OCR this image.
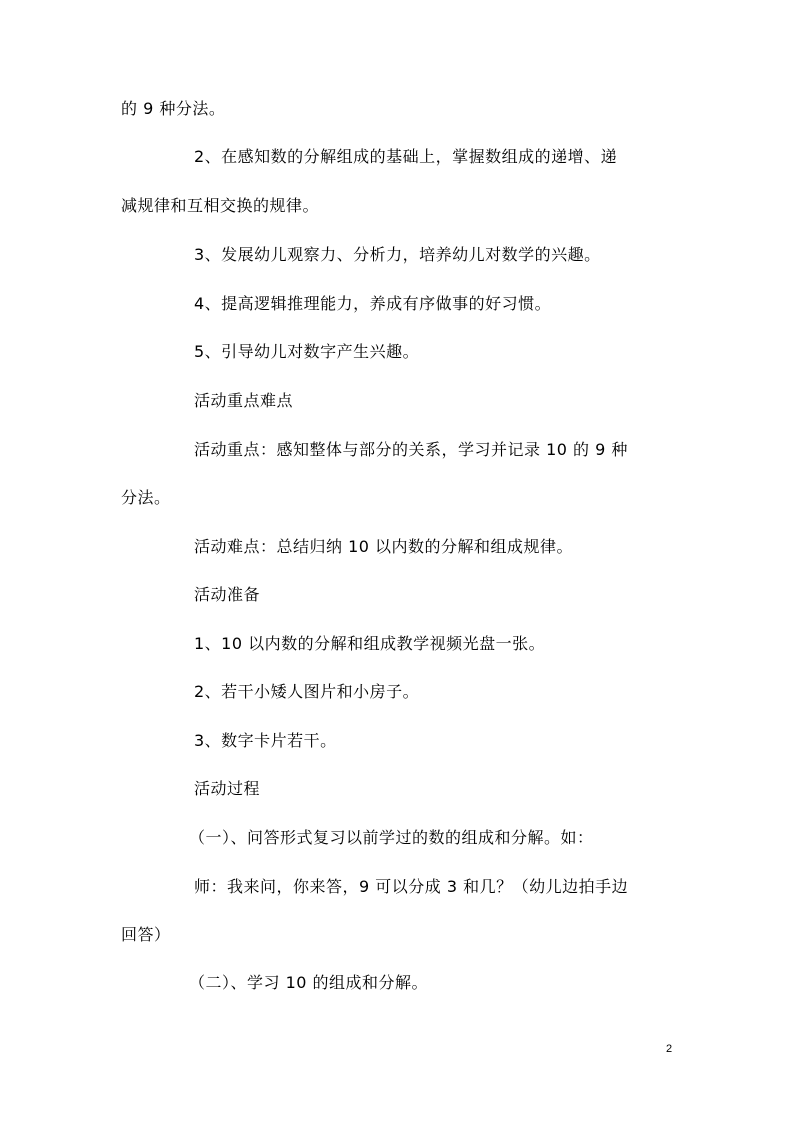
的 9 种分法。

2、在感知数的分解组成的基础上，掌握数组成的递增、递

减规律和互相交换的规律。

3、发展幼儿观察力、分析力，培养幼儿对数学的兴趣。

4、提高逻辑推理能力，养成有序做事的好习惯。

5、引导幼儿对数字产生兴趣。

活动重点难点

活动重点：感知整体与部分的关系，学习并记录 10 的 9 种

分法。

活动难点：总结归纳 10 以内数的分解和组成规律。

活动准备

1、10 以内数的分解和组成教学视频光盘一张。

2、若干小矮人图片和小房子。

3、数字卡片若干。

活动过程

（一）、问答形式复习以前学过的数的组成和分解。如：

师：我来问，你来答，9 可以分成 3 和几？（幼儿边拍手边

回答）

（二）、学习 10 的组成和分解。

2
